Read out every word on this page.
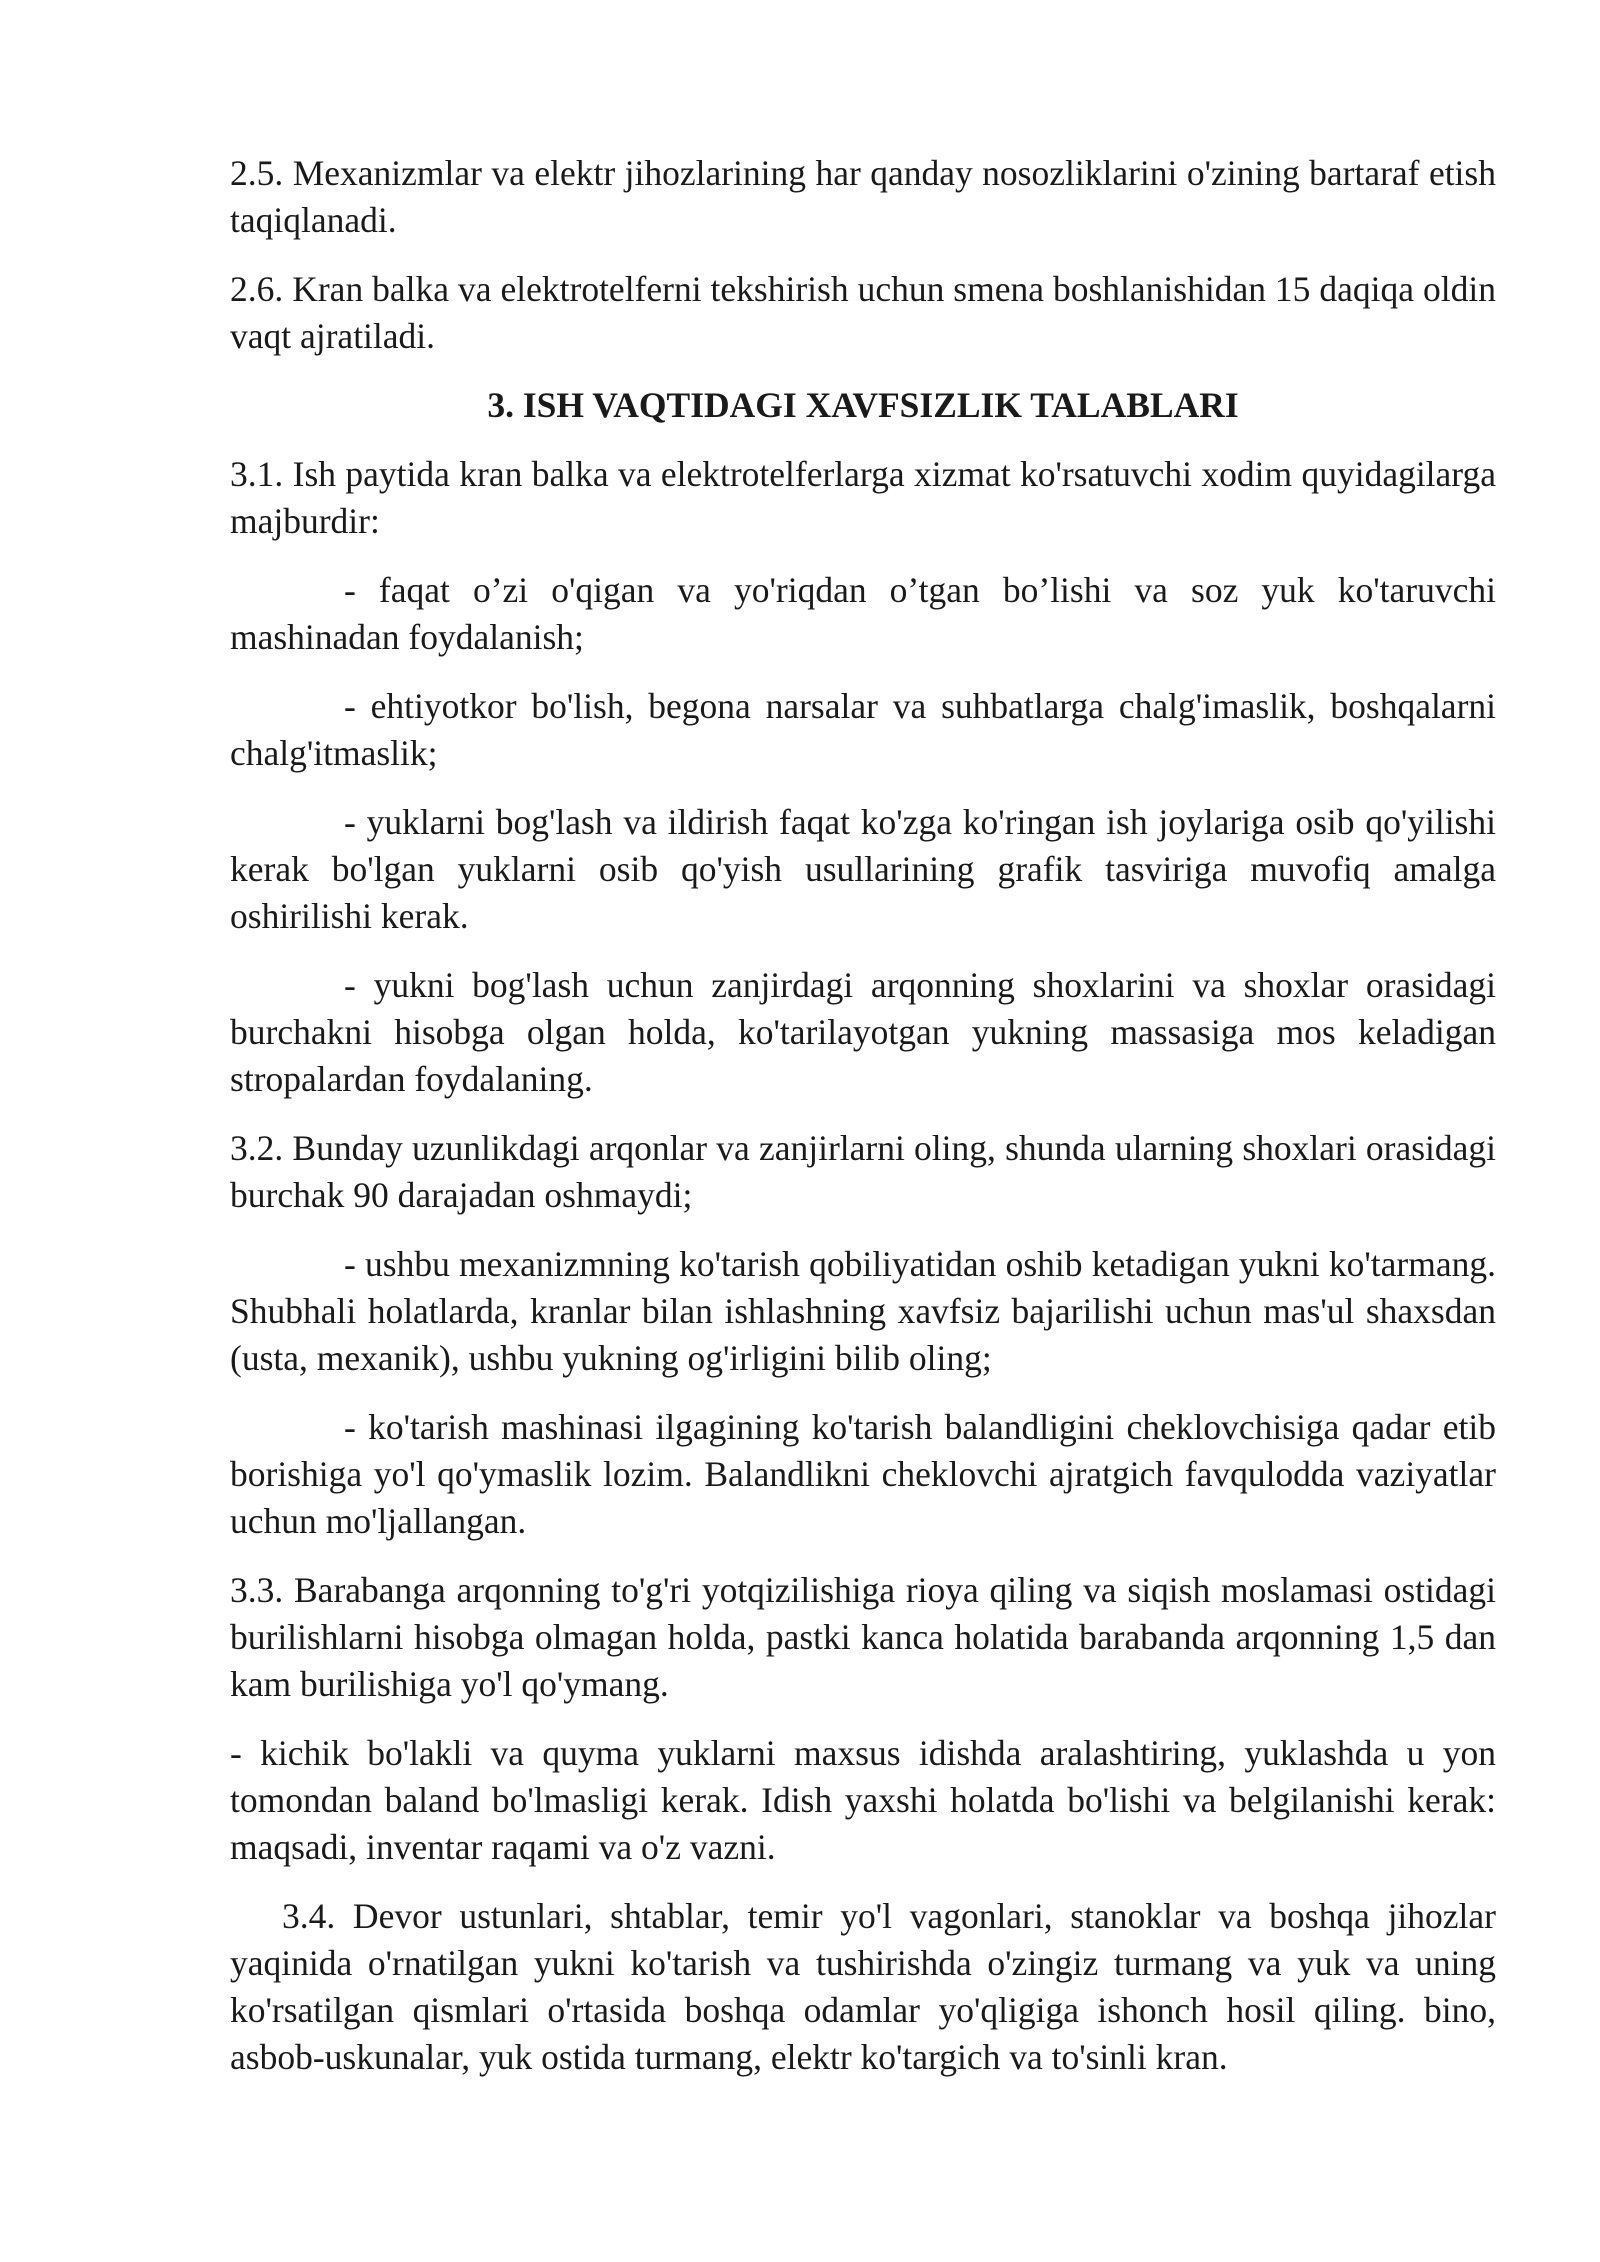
2.5. Mexanizmlar va elektr jihozlarining har qanday nosozliklarini o'zining bartaraf etish taqiqlanadi.

2.6. Kran balka va elektrotelferni tekshirish uchun smena boshlanishidan 15 daqiqa oldin vaqt ajratiladi.

3. ISH VAQTIDAGI XAVFSIZLIK TALABLARI

3.1. Ish paytida kran balka va elektrotelferlarga xizmat ko'rsatuvchi xodim quyidagilarga majburdir:

- faqat o’zi o'qigan va yo'riqdan o’tgan bo’lishi va soz yuk ko'taruvchi mashinadan foydalanish;

- ehtiyotkor bo'lish, begona narsalar va suhbatlarga chalg'imaslik, boshqalarni chalg'itmaslik;

- yuklarni bog'lash va ildirish faqat ko'zga ko'ringan ish joylariga osib qo'yilishi kerak bo'lgan yuklarni osib qo'yish usullarining grafik tasviriga muvofiq amalga oshirilishi kerak.

- yukni bog'lash uchun zanjirdagi arqonning shoxlarini va shoxlar orasidagi burchakni hisobga olgan holda, ko'tarilayotgan yukning massasiga mos keladigan stropalardan foydalaning.

3.2. Bunday uzunlikdagi arqonlar va zanjirlarni oling, shunda ularning shoxlari orasidagi burchak 90 darajadan oshmaydi;

- ushbu mexanizmning ko'tarish qobiliyatidan oshib ketadigan yukni ko'tarmang. Shubhali holatlarda, kranlar bilan ishlashning xavfsiz bajarilishi uchun mas'ul shaxsdan (usta, mexanik), ushbu yukning og'irligini bilib oling;

- ko'tarish mashinasi ilgagining ko'tarish balandligini cheklovchisiga qadar etib borishiga yo'l qo'ymaslik lozim. Balandlikni cheklovchi ajratgich favqulodda vaziyatlar uchun mo'ljallangan.

3.3. Barabanga arqonning to'g'ri yotqizilishiga rioya qiling va siqish moslamasi ostidagi burilishlarni hisobga olmagan holda, pastki kanca holatida barabanda arqonning 1,5 dan kam burilishiga yo'l qo'ymang.

- kichik bo'lakli va quyma yuklarni maxsus idishda aralashtiring, yuklashda u yon tomondan baland bo'lmasligi kerak. Idish yaxshi holatda bo'lishi va belgilanishi kerak: maqsadi, inventar raqami va o'z vazni.

3.4. Devor ustunlari, shtablar, temir yo'l vagonlari, stanoklar va boshqa jihozlar yaqinida o'rnatilgan yukni ko'tarish va tushirishda o'zingiz turmang va yuk va uning ko'rsatilgan qismlari o'rtasida boshqa odamlar yo'qligiga ishonch hosil qiling. bino, asbob-uskunalar, yuk ostida turmang, elektr ko'targich va to'sinli kran.
